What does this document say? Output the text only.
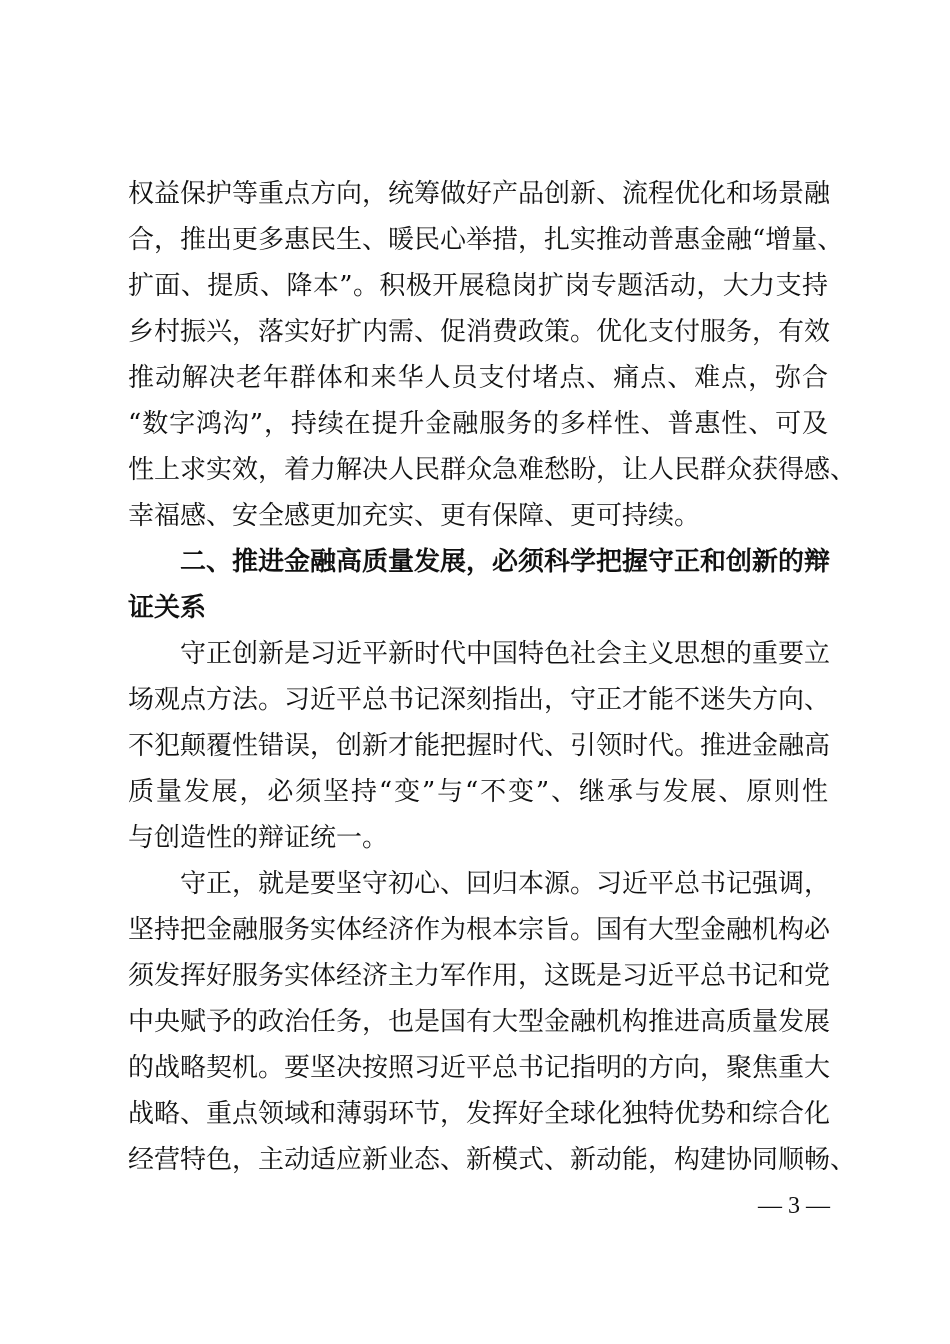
权益保护等重点方向，统筹做好产品创新、流程优化和场景融
合，推出更多惠民生、暖民心举措，扎实推动普惠金融“增量、
扩面、提质、降本”。积极开展稳岗扩岗专题活动，大力支持
乡村振兴，落实好扩内需、促消费政策。优化支付服务，有效
推动解决老年群体和来华人员支付堵点、痛点、难点，弥合
“数字鸿沟”，持续在提升金融服务的多样性、普惠性、可及
性上求实效，着力解决人民群众急难愁盼，让人民群众获得感、
幸福感、安全感更加充实、更有保障、更可持续。
二、推进金融高质量发展，必须科学把握守正和创新的辩
证关系
守正创新是习近平新时代中国特色社会主义思想的重要立
场观点方法。习近平总书记深刻指出，守正才能不迷失方向、
不犯颠覆性错误，创新才能把握时代、引领时代。推进金融高
质量发展，必须坚持“变”与“不变”、继承与发展、原则性
与创造性的辩证统一。
守正，就是要坚守初心、回归本源。习近平总书记强调，
坚持把金融服务实体经济作为根本宗旨。国有大型金融机构必
须发挥好服务实体经济主力军作用，这既是习近平总书记和党
中央赋予的政治任务，也是国有大型金融机构推进高质量发展
的战略契机。要坚决按照习近平总书记指明的方向，聚焦重大
战略、重点领域和薄弱环节，发挥好全球化独特优势和综合化
经营特色，主动适应新业态、新模式、新动能，构建协同顺畅、
— 3 —
